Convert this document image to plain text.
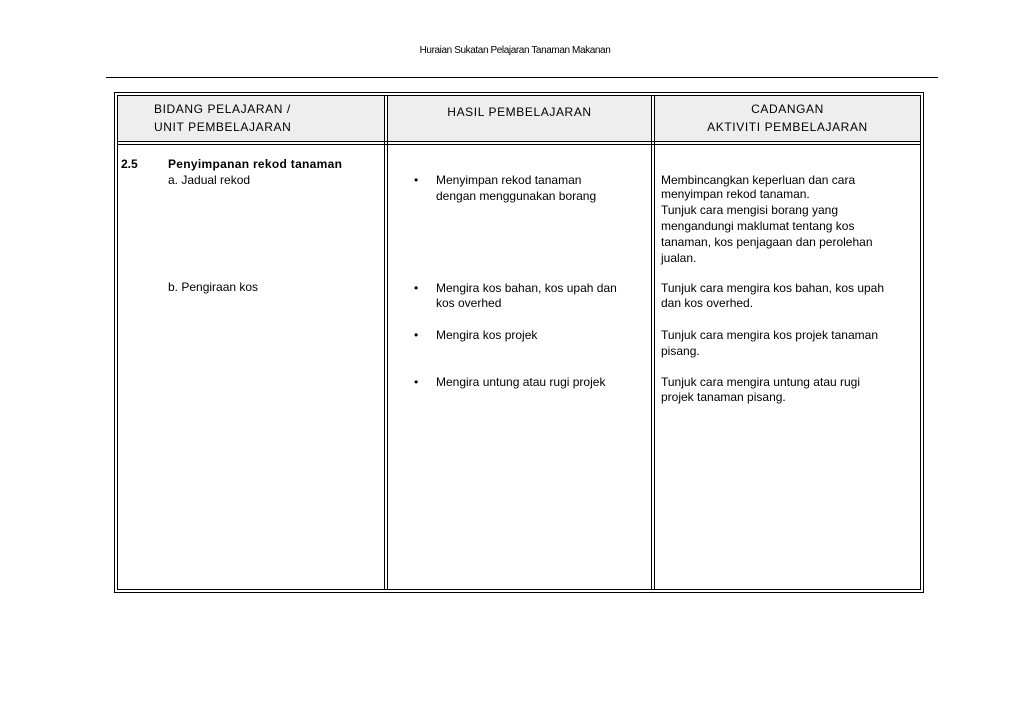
Huraian Sukatan Pelajaran Tanaman Makanan
BIDANG PELAJARAN /
UNIT PEMBELAJARAN
HASIL PEMBELAJARAN	CADANGAN
AKTIVITI PEMBELAJARAN
2.5	Penyimpanan rekod tanaman
a. Jadual rekod
b. Pengiraan kos
• Menyimpan rekod tanaman
dengan menggunakan borang
• Mengira kos bahan, kos upah dan
kos overhed
• Mengira kos projek
• Mengira untung atau rugi projek
Membincangkan keperluan dan cara
menyimpan rekod tanaman.
Tunjuk cara mengisi borang yang
mengandungi maklumat tentang kos
tanaman, kos penjagaan dan perolehan
jualan.
Tunjuk cara mengira kos bahan, kos upah
dan kos overhed.
Tunjuk cara mengira kos projek tanaman
pisang.
Tunjuk cara mengira untung atau rugi
projek tanaman pisang.
